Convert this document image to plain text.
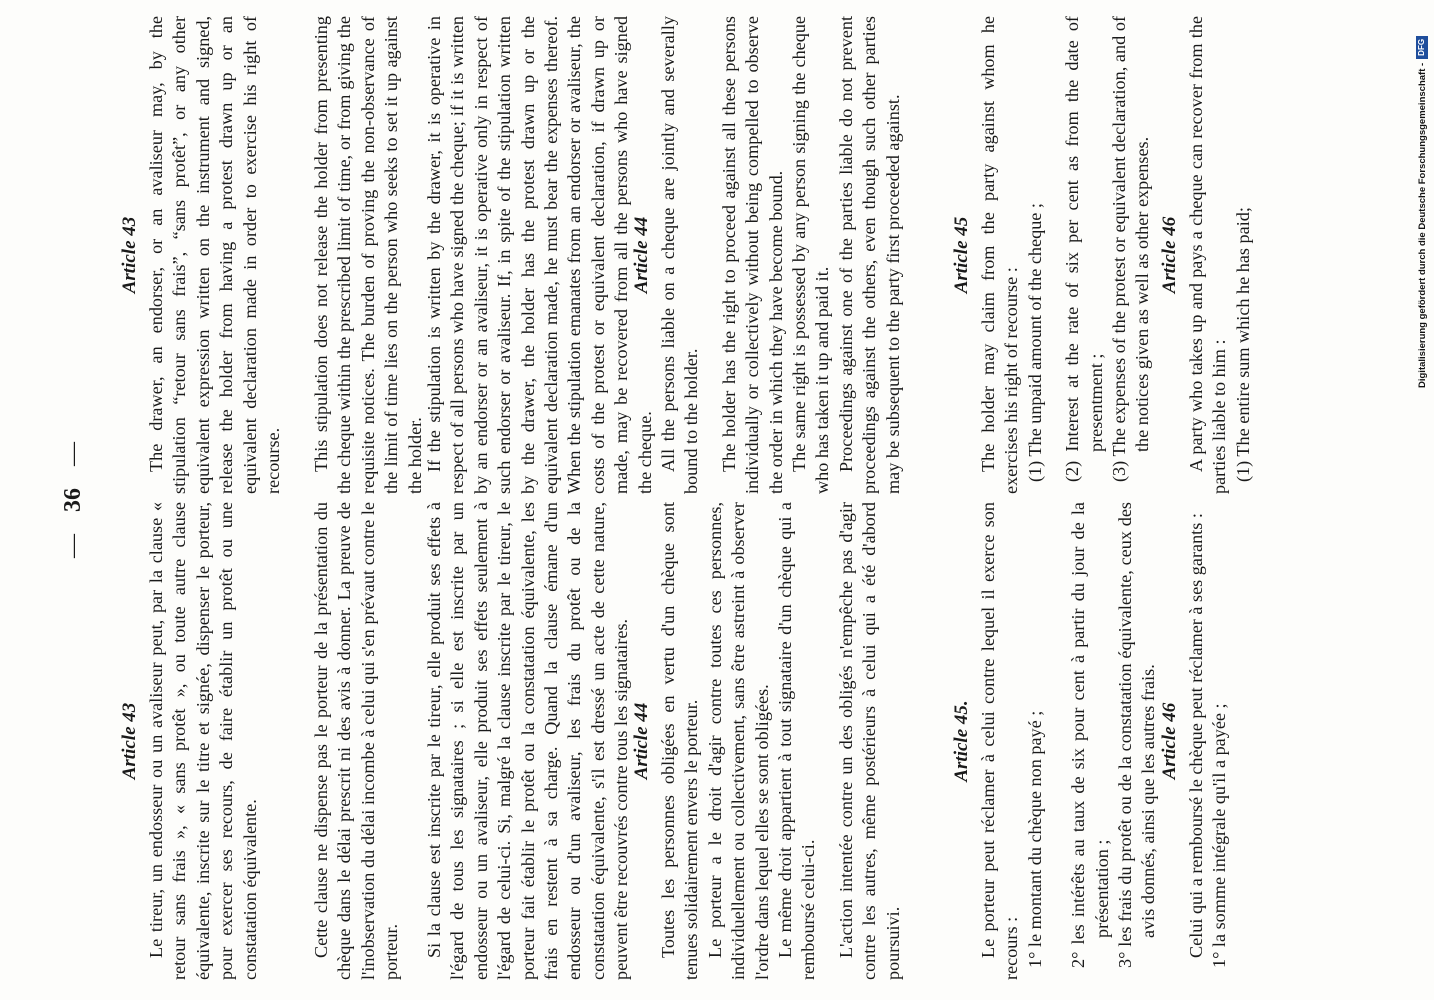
—
36
—
Article 43 Le tireur, un endosseur ou un avaliseur peut, par la clause « retour sans frais », « sans protêt », ou toute autre clause équivalente, inscrite sur le titre et signée, dispenser le porteur, pour exercer ses recours, de faire établir un protêt ou une constatation équivalente.	Cette clause ne dispense pas le porteur de la présentation du chèque dans le délai prescrit ni des avis à donner. La preuve de l'inobservation du délai incombe à celui qui s'en prévaut contre le porteur. Si la clause est inscrite par le tireur, elle produit ses effets à l'égard de tous les signataires ; si elle est inscrite par un endosseur ou un avaliseur, elle produit ses effets seulement à l'égard de celui-ci. Si, malgré la clause inscrite par le tireur, le porteur fait établir le protêt ou la constatation équivalente, les frais en restent à sa charge. Quand la clause émane d'un endosseur ou d'un avaliseur, les frais du protêt ou de la constatation équivalente, s'il est dressé un acte de cette nature, peuvent être recouvrés contre tous les signataires. Article 44 Toutes les personnes obligées en vertu d'un chèque sont tenues solidairement envers le porteur. Le porteur a le droit d'agir contre toutes ces personnes, individuellement ou collectivement, sans être astreint à observer l'ordre dans lequel elles se sont obligées. Le même droit appartient à tout signataire d'un chèque qui a remboursé celui-ci. L'action intentée contre un des obligés n'empêche pas d'agir contre les autres, même postérieurs à celui qui a été d'abord poursuivi.

Article 45. Le porteur peut réclamer à celui contre lequel il exerce son recours : 1° le montant du chèque non payé ; 2° les intérêts au taux de six pour cent à partir du jour de la présentation ; 3° les frais du protêt ou de la constatation équivalente, ceux des avis donnés, ainsi que les autres frais. Article 46 Celui qui a remboursé le chèque peut réclamer à ses garants : 1° la somme intégrale qu'il a payée ;

Article 43 The drawer, an endorser, or an avaliseur may, by the stipulation “retour sans frais”, “sans protêt”, or any other equivalent expression written on the instrument and signed, release the holder from having a protest drawn up or an equivalent declaration made in order to exercise his right of recourse. This stipulation does not release the holder from presenting the cheque within the prescribed limit of time, or from giving the requisite notices. The burden of proving the non-observance of the limit of time lies on the person who seeks to set it up against the holder. If the stipulation is written by the drawer, it is operative in respect of all persons who have signed the cheque; if it is written by an endorser or an avaliseur, it is operative only in respect of such endorser or avaliseur. If, in spite of the stipulation written by the drawer, the holder has the protest drawn up or the equivalent declaration made, he must bear the expenses thereof. When the stipulation emanates from an endorser or avaliseur, the costs of the protest or equivalent declaration, if drawn up or made, may be recovered from all the persons who have signed the cheque.

Article 44 All the persons liable on a cheque are jointly and severally bound to the holder. The holder has the right to proceed against all these persons individually or collectively without being compelled to observe the order in which they have become bound. The same right is possessed by any person signing the cheque who has taken it up and paid it. Proceedings against one of the parties liable do not prevent proceedings against the others, even though such other parties may be subsequent to the party first proceeded against.	Article 45 The holder may claim from the party against whom he exercises his right of recourse : (1) The unpaid amount of the cheque ; (2) Interest at the rate of six per cent as from the date of presentment ; (3) The expenses of the protest or equivalent declaration, and of the notices given as well as other expenses. Article 46 A party who takes up and pays a cheque can recover from the parties liable to him : (1) The entire sum which he has paid;	Digitalisierung gefördert durch die Deutsche Forschungsgemeinschaft -
DFG
